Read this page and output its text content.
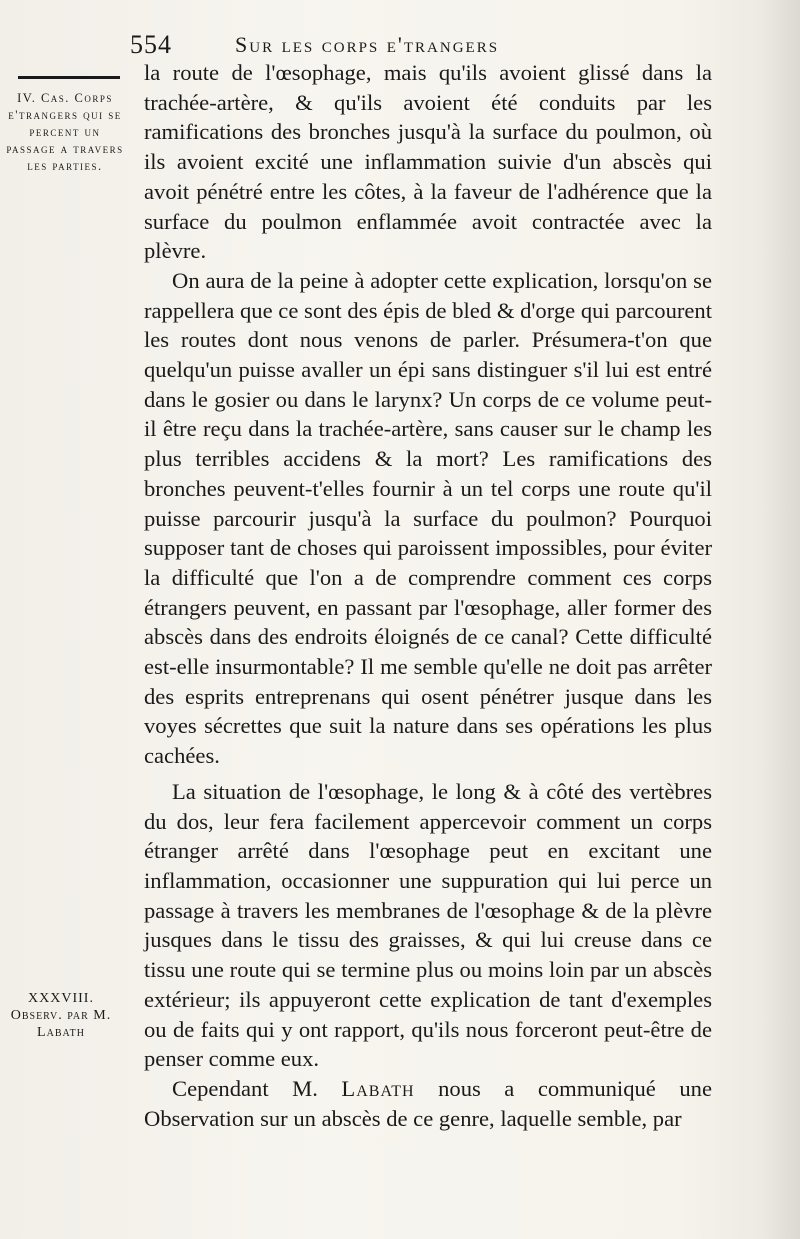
554	Sur les corps e'trangers
IV. Cas. Corps e'trangers qui se percent un passage a travers les parties.
XXXVIII.
Observ. par M. Labath

la route de l'œsophage, mais qu'ils avoient glissé dans la trachée-artère, & qu'ils avoient été conduits par les ramifications des bronches jusqu'à la surface du poulmon, où ils avoient excité une inflammation suivie d'un abscès qui avoit pénétré entre les côtes, à la faveur de l'adhérence que la surface du poulmon enflammée avoit contractée avec la plèvre.

On aura de la peine à adopter cette explication, lorsqu'on se rappellera que ce sont des épis de bled & d'orge qui parcourent les routes dont nous venons de parler. Présumera-t'on que quelqu'un puisse avaller un épi sans distinguer s'il lui est entré dans le gosier ou dans le larynx? Un corps de ce volume peut-il être reçu dans la trachée-artère, sans causer sur le champ les plus terribles accidens & la mort? Les ramifications des bronches peuvent-t'elles fournir à un tel corps une route qu'il puisse parcourir jusqu'à la surface du poulmon? Pourquoi supposer tant de choses qui paroissent impossibles, pour éviter la difficulté que l'on a de comprendre comment ces corps étrangers peuvent, en passant par l'œsophage, aller former des abscès dans des endroits éloignés de ce canal? Cette difficulté est-elle insurmontable? Il me semble qu'elle ne doit pas arrêter des esprits entreprenans qui osent pénétrer jusque dans les voyes sécrettes que suit la nature dans ses opérations les plus cachées.

La situation de l'œsophage, le long & à côté des vertèbres du dos, leur fera facilement appercevoir comment un corps étranger arrêté dans l'œsophage peut en excitant une inflammation, occasionner une suppuration qui lui perce un passage à travers les membranes de l'œsophage & de la plèvre jusques dans le tissu des graisses, & qui lui creuse dans ce tissu une route qui se termine plus ou moins loin par un abscès extérieur; ils appuyeront cette explication de tant d'exemples ou de faits qui y ont rapport, qu'ils nous forceront peut-être de penser comme eux.

Cependant M. Labath nous a communiqué une Observation sur un abscès de ce genre, laquelle semble, par
